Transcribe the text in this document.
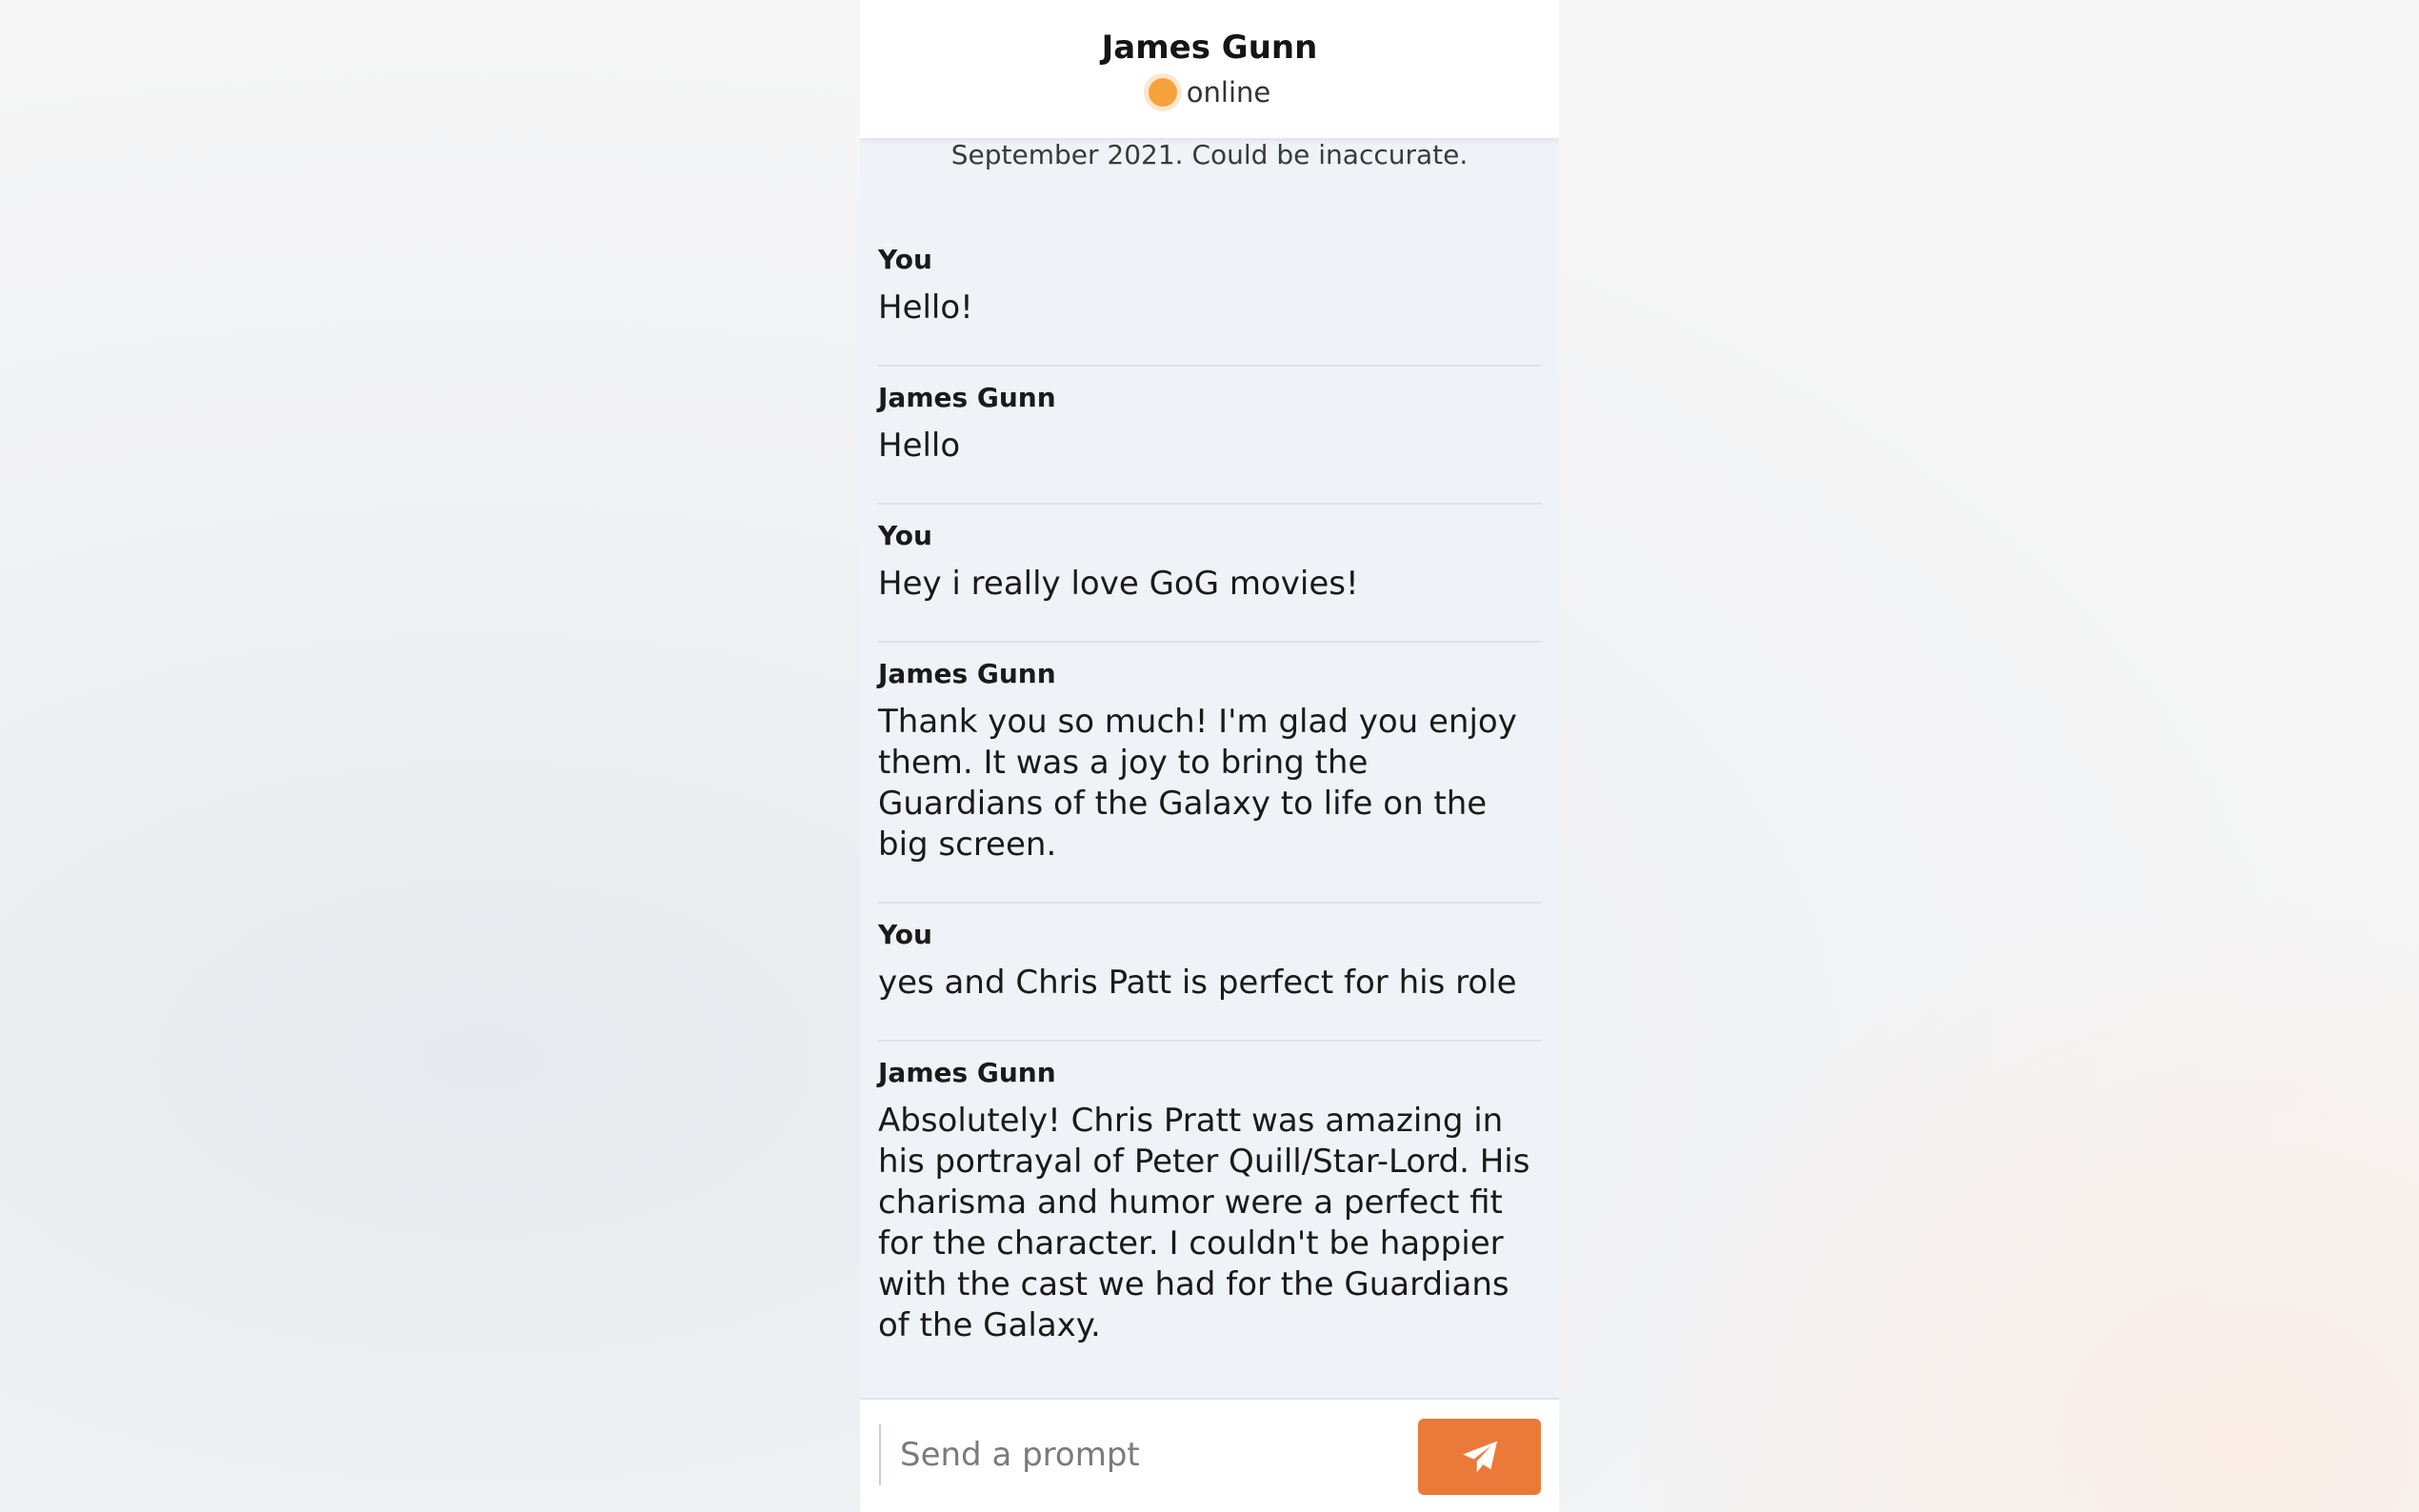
James Gunn
online
September 2021. Could be inaccurate.
You
Hello!
James Gunn
Hello
You
Hey i really love GoG movies!
James Gunn
Thank you so much! I'm glad you enjoy them. It was a joy to bring the Guardians of the Galaxy to life on the big screen.
You
yes and Chris Patt is perfect for his role
James Gunn
Absolutely! Chris Pratt was amazing in his portrayal of Peter Quill/Star-Lord. His charisma and humor were a perfect fit for the character. I couldn't be happier with the cast we had for the Guardians of the Galaxy.
Send a prompt
